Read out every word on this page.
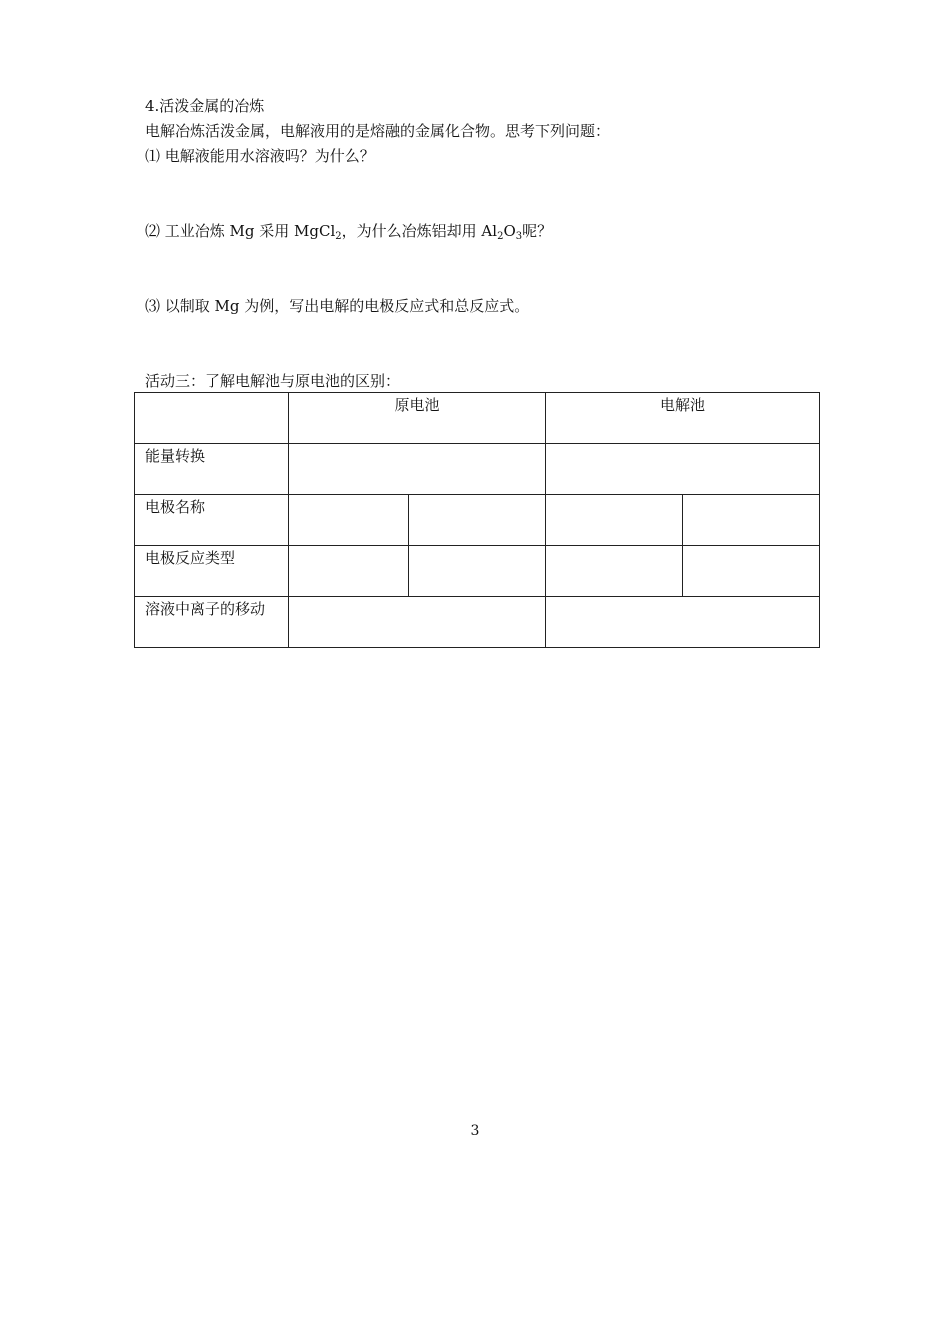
4.活泼金属的冶炼
电解冶炼活泼金属，电解液用的是熔融的金属化合物。思考下列问题：
⑴ 电解液能用水溶液吗？为什么？
⑵ 工业冶炼 Mg 采用 MgCl$_2$，为什么冶炼铝却用 $Al_2O_3$呢？
⑶ 以制取 Mg 为例，写出电解的电极反应式和总反应式。
活动三：了解电解池与原电池的区别：
	原电池		电解池	
能量转换				
电极名称				
电极反应类型				
溶液中离子的移动				
3
